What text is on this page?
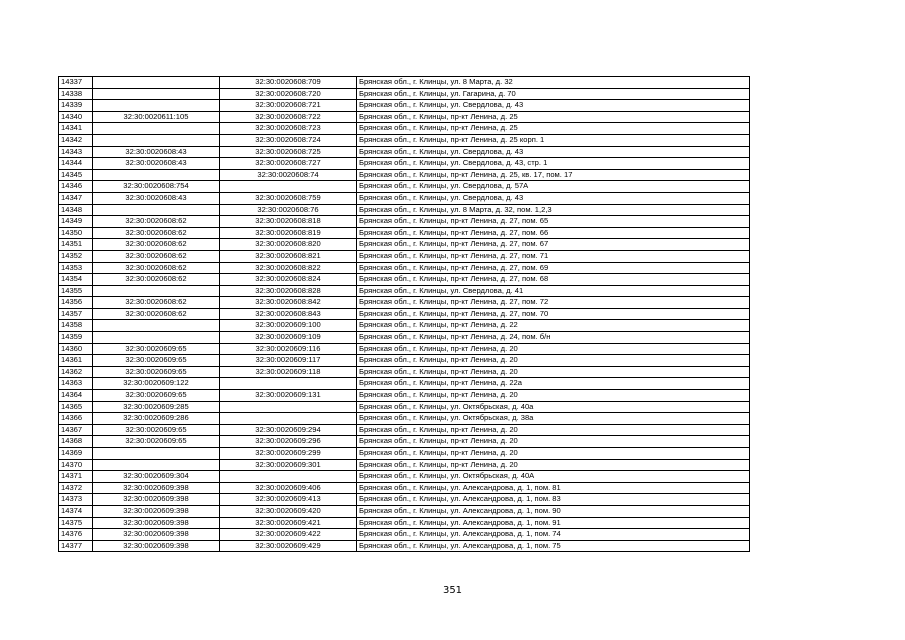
14337		32:30:0020608:709	Брянская обл., г. Клинцы, ул. 8 Марта, д. 32
14338		32:30:0020608:720	Брянская обл., г. Клинцы, ул. Гагарина, д. 70
14339		32:30:0020608:721	Брянская обл., г. Клинцы, ул. Свердлова, д. 43
14340	32:30:0020611:105	32:30:0020608:722	Брянская обл., г. Клинцы, пр-кт Ленина, д. 25
14341		32:30:0020608:723	Брянская обл., г. Клинцы, пр-кт Ленина, д. 25
14342		32:30:0020608:724	Брянская обл., г. Клинцы, пр-кт Ленина, д. 25 корп. 1
14343	32:30:0020608:43	32:30:0020608:725	Брянская обл., г. Клинцы, ул. Свердлова, д. 43
14344	32:30:0020608:43	32:30:0020608:727	Брянская обл., г. Клинцы, ул. Свердлова, д. 43, стр. 1
14345		32:30:0020608:74	Брянская обл., г. Клинцы, пр-кт Ленина, д. 25, кв. 17, пом. 17
14346	32:30:0020608:754		Брянская обл., г. Клинцы, ул. Свердлова, д. 57А
14347	32:30:0020608:43	32:30:0020608:759	Брянская обл., г. Клинцы, ул. Свердлова, д. 43
14348		32:30:0020608:76	Брянская обл., г. Клинцы, ул. 8 Марта, д. 32, пом. 1,2,3
14349	32:30:0020608:62	32:30:0020608:818	Брянская обл., г. Клинцы, пр-кт Ленина, д. 27, пом. 65
14350	32:30:0020608:62	32:30:0020608:819	Брянская обл., г. Клинцы, пр-кт Ленина, д. 27, пом. 66
14351	32:30:0020608:62	32:30:0020608:820	Брянская обл., г. Клинцы, пр-кт Ленина, д. 27, пом. 67
14352	32:30:0020608:62	32:30:0020608:821	Брянская обл., г. Клинцы, пр-кт Ленина, д. 27, пом. 71
14353	32:30:0020608:62	32:30:0020608:822	Брянская обл., г. Клинцы, пр-кт Ленина, д. 27, пом. 69
14354	32:30:0020608:62	32:30:0020608:824	Брянская обл., г. Клинцы, пр-кт Ленина, д. 27, пом. 68
14355		32:30:0020608:828	Брянская обл., г. Клинцы, ул. Свердлова, д. 41
14356	32:30:0020608:62	32:30:0020608:842	Брянская обл., г. Клинцы, пр-кт Ленина, д. 27, пом. 72
14357	32:30:0020608:62	32:30:0020608:843	Брянская обл., г. Клинцы, пр-кт Ленина, д. 27, пом. 70
14358		32:30:0020609:100	Брянская обл., г. Клинцы, пр-кт Ленина, д. 22
14359		32:30:0020609:109	Брянская обл., г. Клинцы, пр-кт Ленина, д. 24, пом. б/н
14360	32:30:0020609:65	32:30:0020609:116	Брянская обл., г. Клинцы, пр-кт Ленина, д. 20
14361	32:30:0020609:65	32:30:0020609:117	Брянская обл., г. Клинцы, пр-кт Ленина, д. 20
14362	32:30:0020609:65	32:30:0020609:118	Брянская обл., г. Клинцы, пр-кт Ленина, д. 20
14363	32:30:0020609:122		Брянская обл., г. Клинцы, пр-кт Ленина, д. 22а
14364	32:30:0020609:65	32:30:0020609:131	Брянская обл., г. Клинцы, пр-кт Ленина, д. 20
14365	32:30:0020609:285		Брянская обл., г. Клинцы, ул. Октябрьская, д. 40а
14366	32:30:0020609:286		Брянская обл., г. Клинцы, ул. Октябрьская, д. 38а
14367	32:30:0020609:65	32:30:0020609:294	Брянская обл., г. Клинцы, пр-кт Ленина, д. 20
14368	32:30:0020609:65	32:30:0020609:296	Брянская обл., г. Клинцы, пр-кт Ленина, д. 20
14369		32:30:0020609:299	Брянская обл., г. Клинцы, пр-кт Ленина, д. 20
14370		32:30:0020609:301	Брянская обл., г. Клинцы, пр-кт Ленина, д. 20
14371	32:30:0020609:304		Брянская обл., г. Клинцы, ул. Октябрьская, д. 40А
14372	32:30:0020609:398	32:30:0020609:406	Брянская обл., г. Клинцы, ул. Александрова, д. 1, пом. 81
14373	32:30:0020609:398	32:30:0020609:413	Брянская обл., г. Клинцы, ул. Александрова, д. 1, пом. 83
14374	32:30:0020609:398	32:30:0020609:420	Брянская обл., г. Клинцы, ул. Александрова, д. 1, пом. 90
14375	32:30:0020609:398	32:30:0020609:421	Брянская обл., г. Клинцы, ул. Александрова, д. 1, пом. 91
14376	32:30:0020609:398	32:30:0020609:422	Брянская обл., г. Клинцы, ул. Александрова, д. 1, пом. 74
14377	32:30:0020609:398	32:30:0020609:429	Брянская обл., г. Клинцы, ул. Александрова, д. 1, пом. 75
351
